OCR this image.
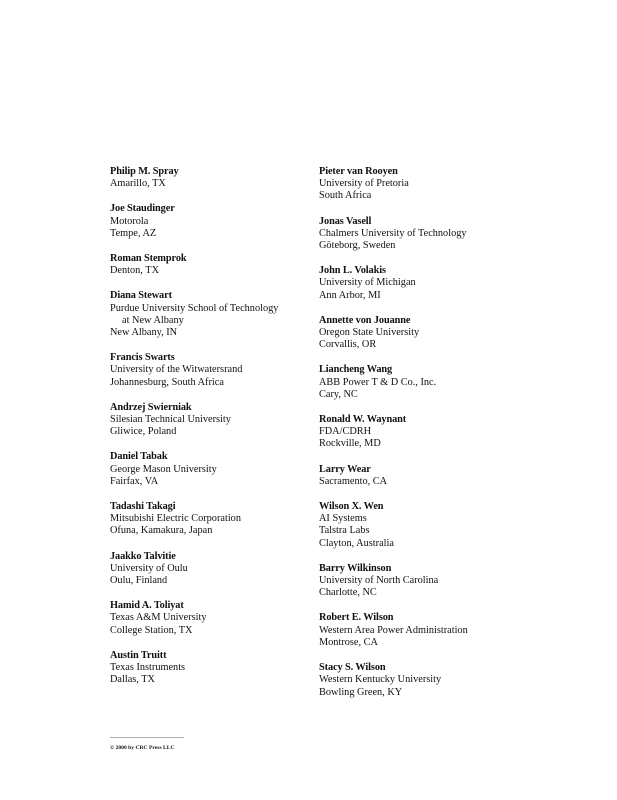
Philip M. Spray
Amarillo, TX
Joe Staudinger
Motorola
Tempe, AZ
Roman Stemprok
Denton, TX
Diana Stewart
Purdue University School of Technology
at New Albany
New Albany, IN
Francis Swarts
University of the Witwatersrand
Johannesburg, South Africa
Andrzej Swierniak
Silesian Technical University
Gliwice, Poland
Daniel Tabak
George Mason University
Fairfax, VA
Tadashi Takagi
Mitsubishi Electric Corporation
Ofuna, Kamakura, Japan
Jaakko Talvitie
University of Oulu
Oulu, Finland
Hamid A. Toliyat
Texas A&M University
College Station, TX
Austin Truitt
Texas Instruments
Dallas, TX
Pieter van Rooyen
University of Pretoria
South Africa
Jonas Vasell
Chalmers University of Technology
Göteborg, Sweden
John L. Volakis
University of Michigan
Ann Arbor, MI
Annette von Jouanne
Oregon State University
Corvallis, OR
Liancheng Wang
ABB Power T & D Co., Inc.
Cary, NC
Ronald W. Waynant
FDA/CDRH
Rockville, MD
Larry Wear
Sacramento, CA
Wilson X. Wen
AI Systems
Talstra Labs
Clayton, Australia
Barry Wilkinson
University of North Carolina
Charlotte, NC
Robert E. Wilson
Western Area Power Administration
Montrose, CA
Stacy S. Wilson
Western Kentucky University
Bowling Green, KY
© 2000 by CRC Press LLC
